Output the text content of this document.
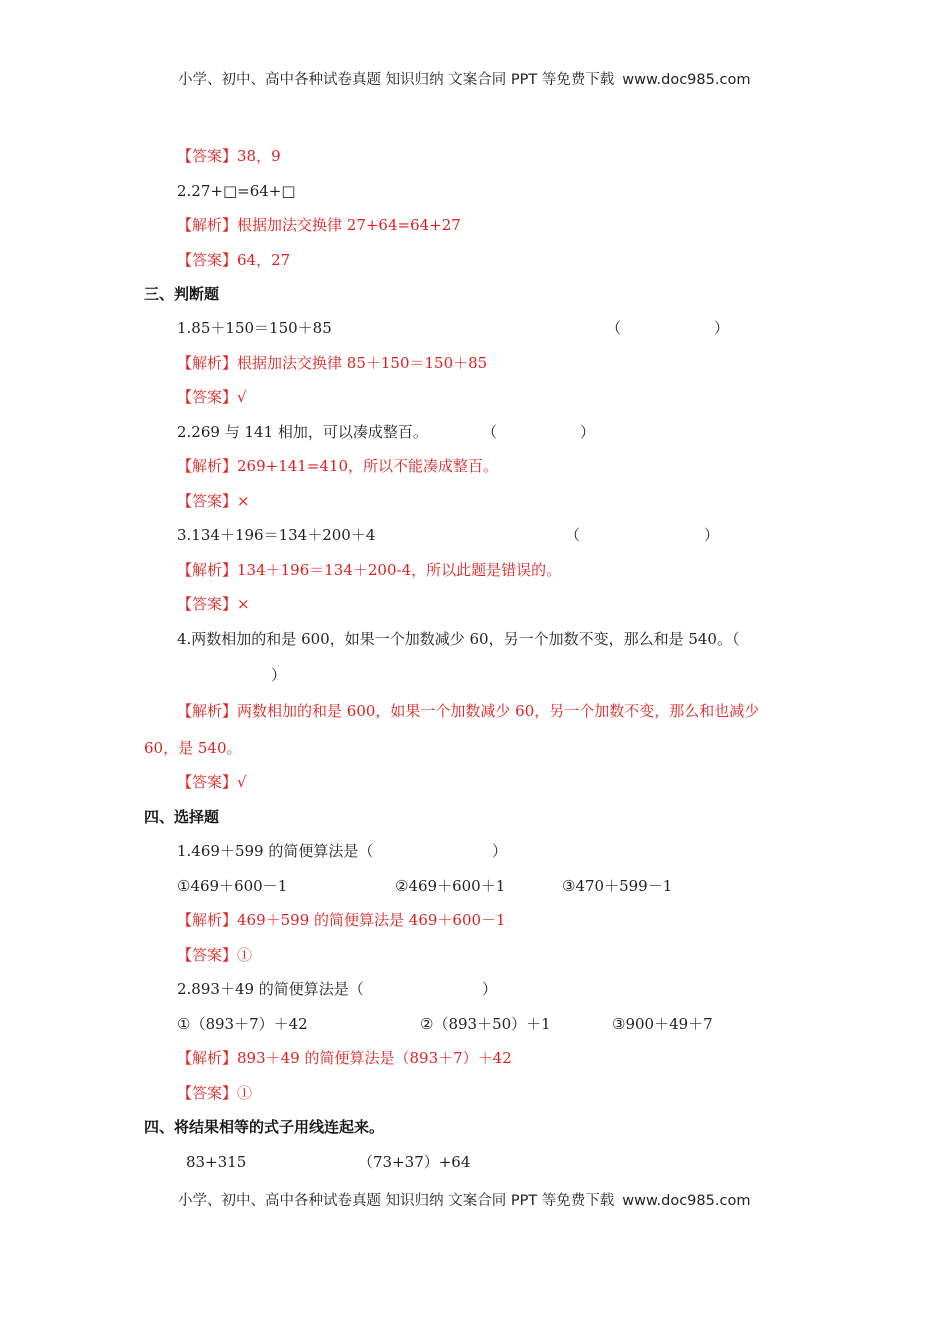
小学、初中、高中各种试卷真题 知识归纳 文案合同 PPT 等免费下载 www.doc985.com
【答案】38，9
2.27+□=64+□
【解析】根据加法交换律 27+64=64+27
【答案】64，27
三、判断题
1.85＋150＝150＋85	（	）
【解析】根据加法交换律 85＋150＝150＋85
【答案】√
2.269 与 141 相加，可以凑成整百。	（	）
【解析】269+141=410，所以不能凑成整百。
【答案】×
3.134＋196＝134＋200＋4	（	）
【解析】134＋196＝134＋200-4，所以此题是错误的。
【答案】×
4.两数相加的和是 600，如果一个加数减少 60，另一个加数不变，那么和是 540。（
）
【解析】两数相加的和是 600，如果一个加数减少 60，另一个加数不变，那么和也减少
60，是 540。
【答案】√
四、选择题
1.469＋599 的简便算法是（	）
①469＋600－1	②469＋600＋1	③470＋599－1
【解析】469＋599 的简便算法是 469＋600－1
【答案】①
2.893＋49 的简便算法是（	）
①（893＋7）＋42	②（893＋50）＋1	③900＋49＋7
【解析】893＋49 的简便算法是（893＋7）＋42
【答案】①
四、将结果相等的式子用线连起来。
83+315	（73+37）+64
小学、初中、高中各种试卷真题 知识归纳 文案合同 PPT 等免费下载 www.doc985.com
